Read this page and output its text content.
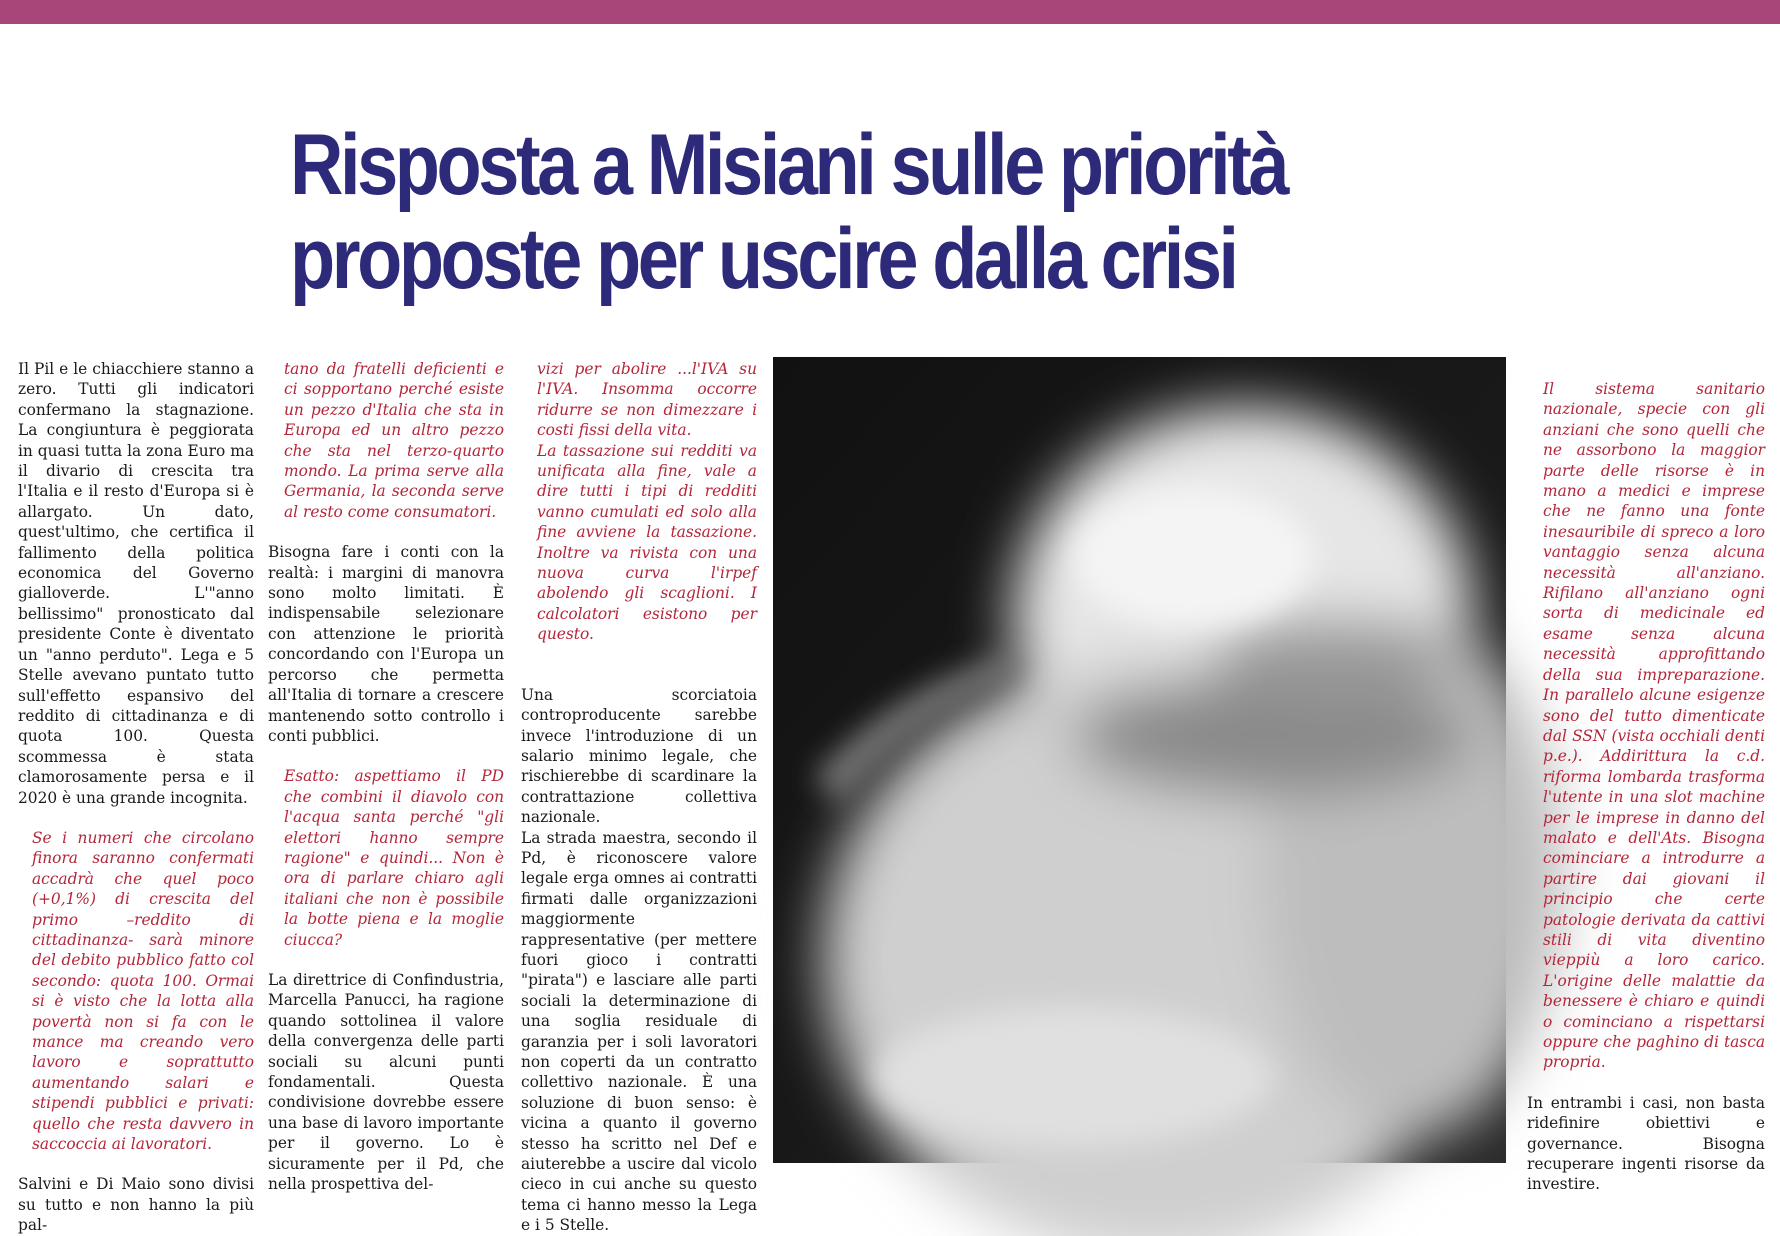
Risposta a Misiani sulle priorità
proposte per uscire dalla crisi

Il Pil e le chiacchiere stanno a zero. Tutti gli indicatori confermano la stagnazione. La congiuntura è peggiorata in quasi tutta la zona Euro ma il divario di crescita tra l'Italia e il resto d'Europa si è allargato. Un dato, quest'ultimo, che certifica il fallimento della politica economica del Governo gialloverde. L'"anno bellissimo" pronosticato dal presidente Conte è diventato un "anno perduto". Lega e 5 Stelle avevano puntato tutto sull'effetto espansivo del reddito di cittadinanza e di quota 100. Questa scommessa è stata clamorosamente persa e il 2020 è una grande incognita.

Se i numeri che circolano finora saranno confermati accadrà che quel poco (+0,1%) di crescita del primo –reddito di cittadinanza- sarà minore del debito pubblico fatto col secondo: quota 100. Ormai si è visto che la lotta alla povertà non si fa con le mance ma creando vero lavoro e soprattutto aumentando salari e stipendi pubblici e privati: quello che resta davvero in saccoccia ai lavoratori.

Salvini e Di Maio sono divisi su tutto e non hanno la più pal-

tano da fratelli deficienti e ci sopportano perché esiste un pezzo d'Italia che sta in Europa ed un altro pezzo che sta nel terzo-quarto mondo. La prima serve alla Germania, la seconda serve al resto come consumatori.

Bisogna fare i conti con la realtà: i margini di manovra sono molto limitati. È indispensabile selezionare con attenzione le priorità concordando con l'Europa un percorso che permetta all'Italia di tornare a crescere mantenendo sotto controllo i conti pubblici.

Esatto: aspettiamo il PD che combini il diavolo con l'acqua santa perché "gli elettori hanno sempre ragione" e quindi... Non è ora di parlare chiaro agli italiani che non è possibile la botte piena e la moglie ciucca?

La direttrice di Confindustria, Marcella Panucci, ha ragione quando sottolinea il valore della convergenza delle parti sociali su alcuni punti fondamentali. Questa condivisione dovrebbe essere una base di lavoro importante per il governo. Lo è sicuramente per il Pd, che nella prospettiva del-

vizi per abolire ...l'IVA su l'IVA. Insomma occorre ridurre se non dimezzare i costi fissi della vita.

La tassazione sui redditi va unificata alla fine, vale a dire tutti i tipi di redditi vanno cumulati ed solo alla fine avviene la tassazione. Inoltre va rivista con una nuova curva l'irpef abolendo gli scaglioni. I calcolatori esistono per questo.

Una scorciatoia controproducente sarebbe invece l'introduzione di un salario minimo legale, che rischierebbe di scardinare la contrattazione collettiva nazionale.

La strada maestra, secondo il Pd, è riconoscere valore legale erga omnes ai contratti firmati dalle organizzazioni maggiormente rappresentative (per mettere fuori gioco i contratti "pirata") e lasciare alle parti sociali la determinazione di una soglia residuale di garanzia per i soli lavoratori non coperti da un contratto collettivo nazionale. È una soluzione di buon senso: è vicina a quanto il governo stesso ha scritto nel Def e aiuterebbe a uscire dal vicolo cieco in cui anche su questo tema ci hanno messo la Lega e i 5 Stelle.

Il sistema sanitario nazionale, specie con gli anziani che sono quelli che ne assorbono la maggior parte delle risorse è in mano a medici e imprese che ne fanno una fonte inesauribile di spreco a loro vantaggio senza alcuna necessità all'anziano. Rifilano all'anziano ogni sorta di medicinale ed esame senza alcuna necessità approfittando della sua impreparazione. In parallelo alcune esigenze sono del tutto dimenticate dal SSN (vista occhiali denti p.e.). Addirittura la c.d. riforma lombarda trasforma l'utente in una slot machine per le imprese in danno del malato e dell'Ats. Bisogna cominciare a introdurre a partire dai giovani il principio che certe patologie derivata da cattivi stili di vita diventino vieppiù a loro carico. L'origine delle malattie da benessere è chiaro e quindi o cominciano a rispettarsi oppure che paghino di tasca propria.

In entrambi i casi, non basta ridefinire obiettivi e governance. Bisogna recuperare ingenti risorse da investire.
